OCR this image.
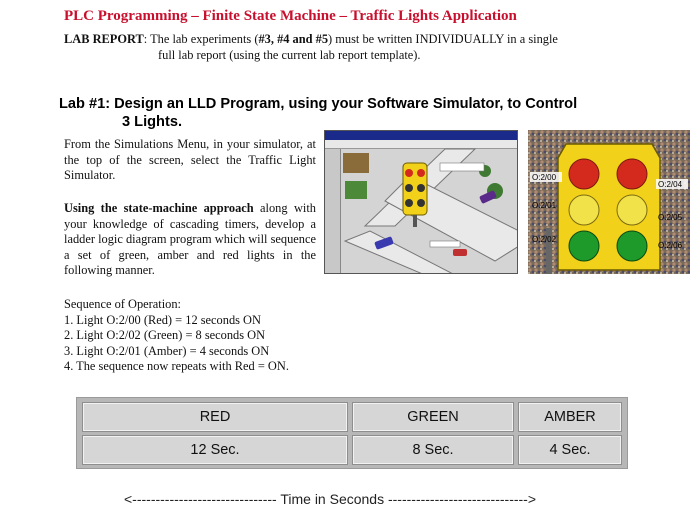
PLC Programming – Finite State Machine – Traffic Lights Application
LAB REPORT: The lab experiments (#3, #4 and #5) must be written INDIVIDUALLY in a single
full lab report (using the current lab report template).
Lab #1: Design an LLD Program, using your Software Simulator, to Control
3 Lights.
From the Simulations Menu, in your simulator, at the top of the screen, select the Traffic Light Simulator.
Using the state-machine approach along with your knowledge of cascading timers, develop a ladder logic diagram program which will sequence a set of green, amber and red lights in the following manner.
Sequence of Operation:
1. Light O:2/00 (Red) = 12 seconds ON
2. Light O:2/02 (Green) = 8 seconds ON
3. Light O:2/01 (Amber) = 4 seconds ON
4. The sequence now repeats with Red = ON.
O:2/00
O:2/04
O:2/01
O:2/05
O:2/02
O:2/06
RED	GREEN	AMBER
12 Sec.	8 Sec.	4 Sec.
<------------------------------- Time in Seconds ------------------------------>
